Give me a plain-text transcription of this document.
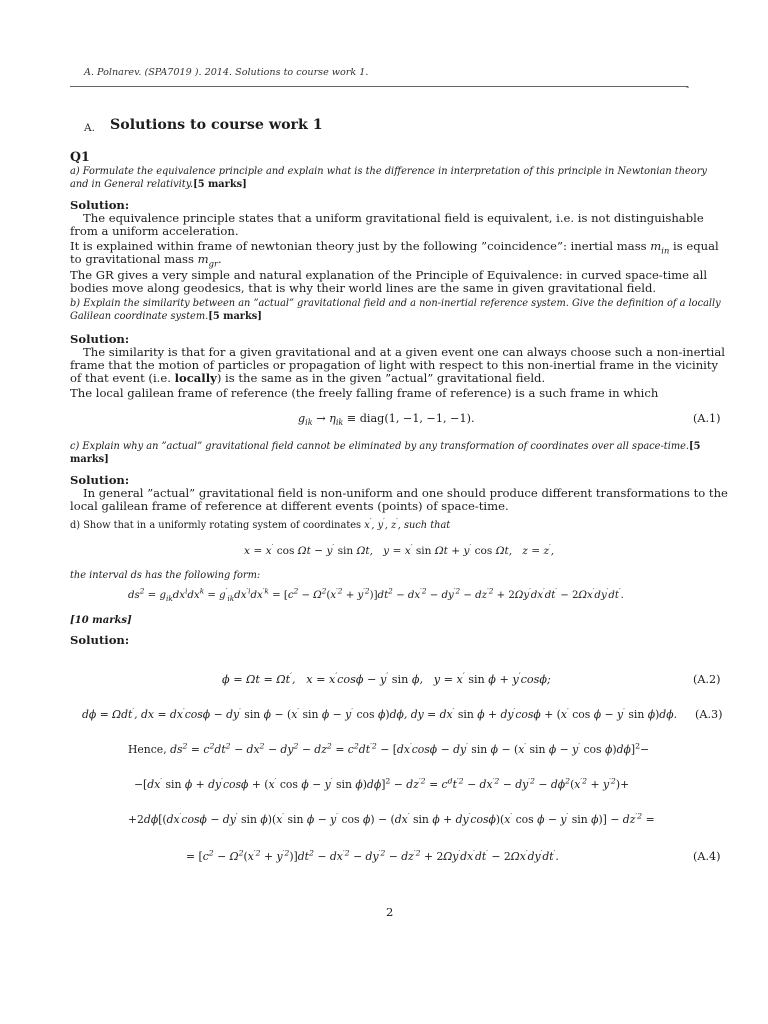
A. Polnarev. (SPA7019 ). 2014. Solutions to course work 1.
-
A. Solutions to course work 1
Q1
a) Formulate the equivalence principle and explain what is the difference in interpretation of this principle in Newtonian theory and in General relativity.[5 marks]
Solution:
The equivalence principle states that a uniform gravitational field is equivalent, i.e. is not distinguishable from a uniform acceleration.
It is explained within frame of newtonian theory just by the following ”coincidence”: inertial mass $m_{in}$ is equal to gravitational mass $m_{gr}$.
The GR gives a very simple and natural explanation of the Principle of Equivalence: in curved space-time all bodies move along geodesics, that is why their world lines are the same in given gravitational field.
b) Explain the similarity between an ”actual” gravitational field and a non-inertial reference system. Give the definition of a locally Galilean coordinate system.[5 marks]
Solution:
The similarity is that for a given gravitational and at a given event one can always choose such a non-inertial frame that the motion of particles or propagation of light with respect to this non-inertial frame in the vicinity of that event (i.e. locally) is the same as in the given ”actual” gravitational field.
The local galilean frame of reference (the freely falling frame of reference) is a such frame in which
$g_{ik} \to \eta_{ik}$ ≡ diag(1, −1, −1, −1).	(A.1)
c) Explain why an ”actual” gravitational field cannot be eliminated by any transformation of coordinates over all space-time.[5 marks]
Solution:
In general ”actual” gravitational field is non-uniform and one should produce different transformations to the local galilean frame of reference at different events (points) of space-time.
d) Show that in a uniformly rotating system of coordinates x′, y′, z′, such that
x = x′ cos Ωt − y′ sin Ωt,   y = x′ sin Ωt + y′ cos Ωt,   z = z′,
the interval ds has the following form:
$ds^2 = g_{ik}dx^idx^k = g'_{ik}dx^{'i}dx^{'k} = [c^2 - \Omega^2(x^{'2} + y^{'2})]dt^2 - dx^{'2} - dy^{'2} - dz^{'2} + 2\Omega y'dx'dt' - 2\Omega x'dy'dt'$.
[10 marks]
Solution:
ϕ = Ωt = Ωt′,   x = x′cosϕ − y′ sin ϕ,   y = x′ sin ϕ + y′cosϕ;	(A.2)
dϕ = Ωdt′, dx = dx′cosϕ − dy′ sin ϕ − (x′ sin ϕ − y′ cos ϕ)dϕ, dy = dx′ sin ϕ + dy′cosϕ + (x′ cos ϕ − y′ sin ϕ)dϕ. (A.3)
Hence, $ds^2 = c^2dt^2 - dx^2 - dy^2 - dz^2 = c^2dt^{'2} - [dx'\cos\phi - dy'$ sin ϕ − (x′ sin ϕ − y′ cos ϕ)dϕ]$^2$−
−[dx′ sin ϕ + dy′cosϕ + (x′ cos ϕ − y′ $\sin \phi)d\phi]^2 - dz^{'2} = c^dt^{'2} - dx^{'2} - dy^{'2} - d\phi^2(x^{'2} + y^{'2})+$
+2dϕ[(dx′cosϕ − dy′ sin ϕ)(x′ sin ϕ − y′ cos ϕ) − (dx′ sin ϕ + dy′cosϕ)(x′ cos ϕ − y′ $\sin \phi)] - dz^{'2}$ =
= $[c^2 - \Omega^2(x^{'2} + y^{'2})]dt^2 - dx^{'2} - dy^{'2} - dz^{'2} + 2\Omega y'dx'dt' - 2\Omega x'dy'dt'$.	(A.4)
2
